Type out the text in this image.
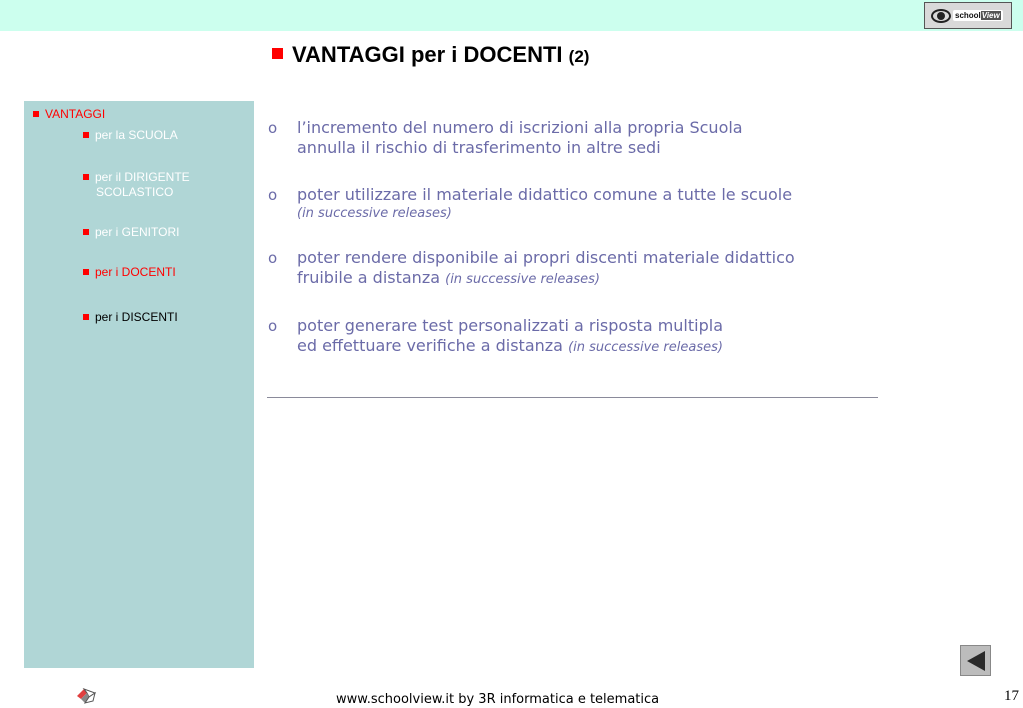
schoolView
VANTAGGI per i DOCENTI (2)
VANTAGGI
per la SCUOLA
per il DIRIGENTE
SCOLASTICO
per i GENITORI
per i DOCENTI
per i DISCENTI
o l’incremento del numero di iscrizioni alla propria Scuola
annulla il rischio di trasferimento in altre sedi
o poter utilizzare il materiale didattico comune a tutte le scuole
(in successive releases)
o poter rendere disponibile ai propri discenti materiale didattico
fruibile a distanza (in successive releases)
o poter generare test personalizzati a risposta multipla
ed effettuare verifiche a distanza (in successive releases)
www.schoolview.it by 3R informatica e telematica	17
